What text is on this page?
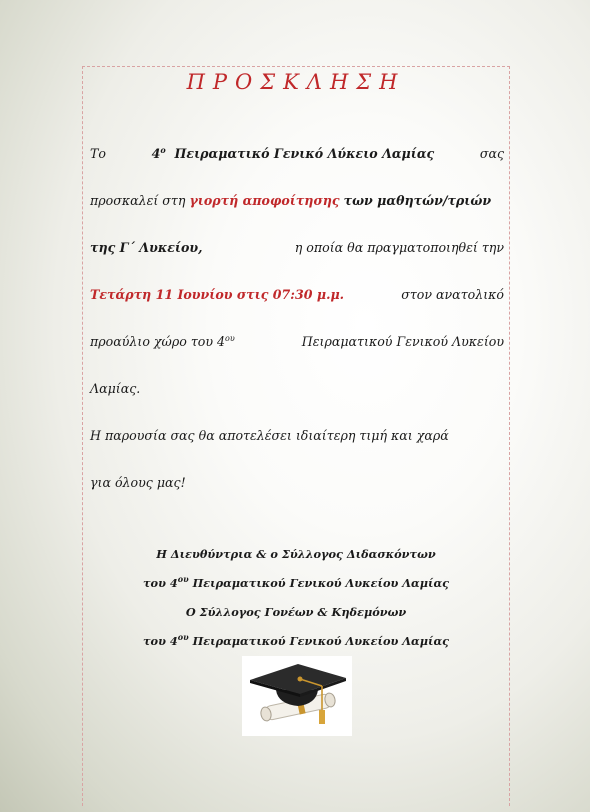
ΠΡΟΣΚΛΗΣΗ
Το	$4^o$ Πειραματικό Γενικό Λύκειο Λαμίας	σας
προσκαλεί στη γιορτή αποφοίτησης των μαθητών/τριών
της Γ΄ Λυκείου,	η οποία θα πραγματοποιηθεί την
Τετάρτη 11 Ιουνίου στις 07:30 μ.μ.	στον ανατολικό
προαύλιο χώρο του $4^{o\upsilon}$	Πειραματικού Γενικού Λυκείου
Λαμίας.
Η παρουσία σας θα αποτελέσει ιδιαίτερη τιμή και χαρά
για όλους μας!
Η Διευθύντρια & ο Σύλλογος Διδασκόντων
του $4^{o\upsilon}$ Πειραματικού Γενικού Λυκείου Λαμίας
Ο Σύλλογος Γονέων & Κηδεμόνων
του $4^{o\upsilon}$ Πειραματικού Γενικού Λυκείου Λαμίας
